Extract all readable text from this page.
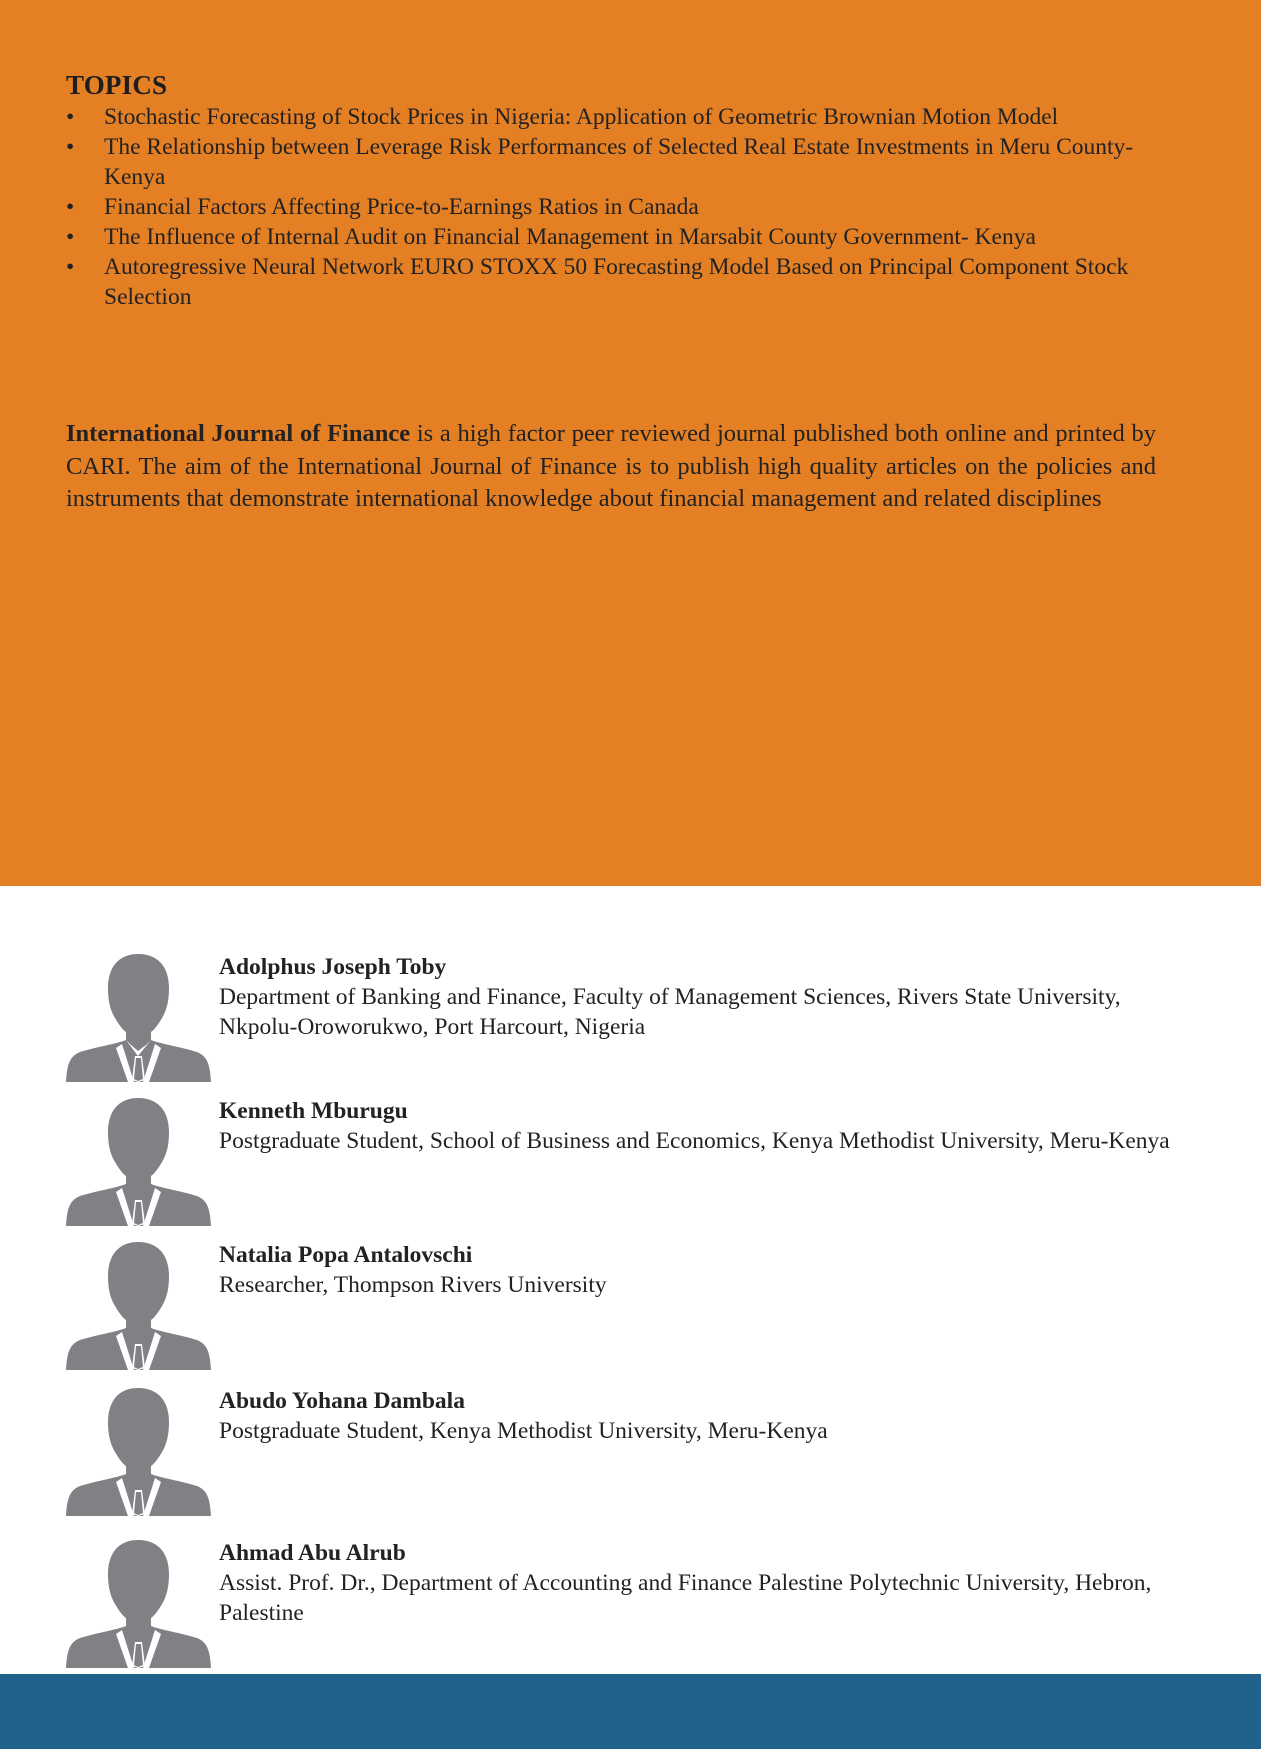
TOPICS
• Stochastic Forecasting of Stock Prices in Nigeria: Application of Geometric Brownian Motion Model
• The Relationship between Leverage Risk Performances of Selected Real Estate Investments in Meru County- Kenya
• Financial Factors Affecting Price-to-Earnings Ratios in Canada
• The Influence of Internal Audit on Financial Management in Marsabit County Government- Kenya
• Autoregressive Neural Network EURO STOXX 50 Forecasting Model Based on Principal Component Stock Selection

International Journal of Finance is a high factor peer reviewed journal published both online and printed by CARI. The aim of the International Journal of Finance is to publish high quality articles on the policies and instruments that demonstrate international knowledge about financial management and related disciplines

Adolphus Joseph Toby
Department of Banking and Finance, Faculty of Management Sciences, Rivers State University, Nkpolu-Oroworukwo, Port Harcourt, Nigeria
Kenneth Mburugu
Postgraduate Student, School of Business and Economics, Kenya Methodist University, Meru-Kenya
Natalia Popa Antalovschi
Researcher, Thompson Rivers University
Abudo Yohana Dambala
Postgraduate Student, Kenya Methodist University, Meru-Kenya
Ahmad Abu Alrub
Assist. Prof. Dr., Department of Accounting and Finance Palestine Polytechnic University, Hebron, Palestine
